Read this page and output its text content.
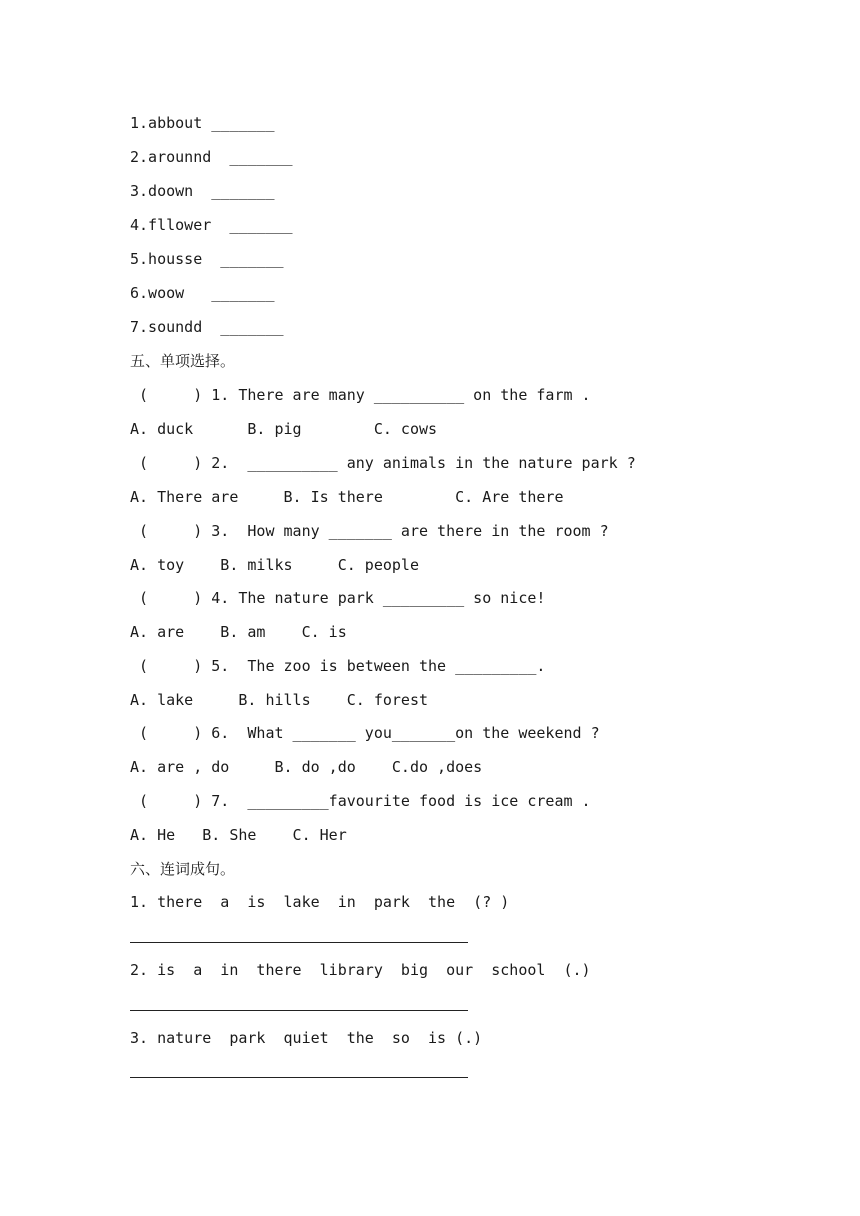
1.abbout _______
2.arounnd  _______
3.doown  _______
4.fllower  _______
5.housse  _______
6.woow   _______
7.soundd  _______
五、单项选择。
(     ) 1. There are many __________ on the farm .
A. duck      B. pig        C. cows
(     ) 2.  __________ any animals in the nature park ?
A. There are     B. Is there        C. Are there
(     ) 3.  How many _______ are there in the room ?
A. toy    B. milks     C. people
(     ) 4. The nature park _________ so nice!
A. are    B. am    C. is
(     ) 5.  The zoo is between the _________.
A. lake     B. hills    C. forest
(     ) 6.  What _______ you_______on the weekend ?
A. are , do     B. do ,do    C.do ,does
(     ) 7.  _________favourite food is ice cream .
A. He   B. She    C. Her
六、连词成句。
1. there  a  is  lake  in  park  the  (? )
2. is  a  in  there  library  big  our  school  (.)
3. nature  park  quiet  the  so  is (.)
